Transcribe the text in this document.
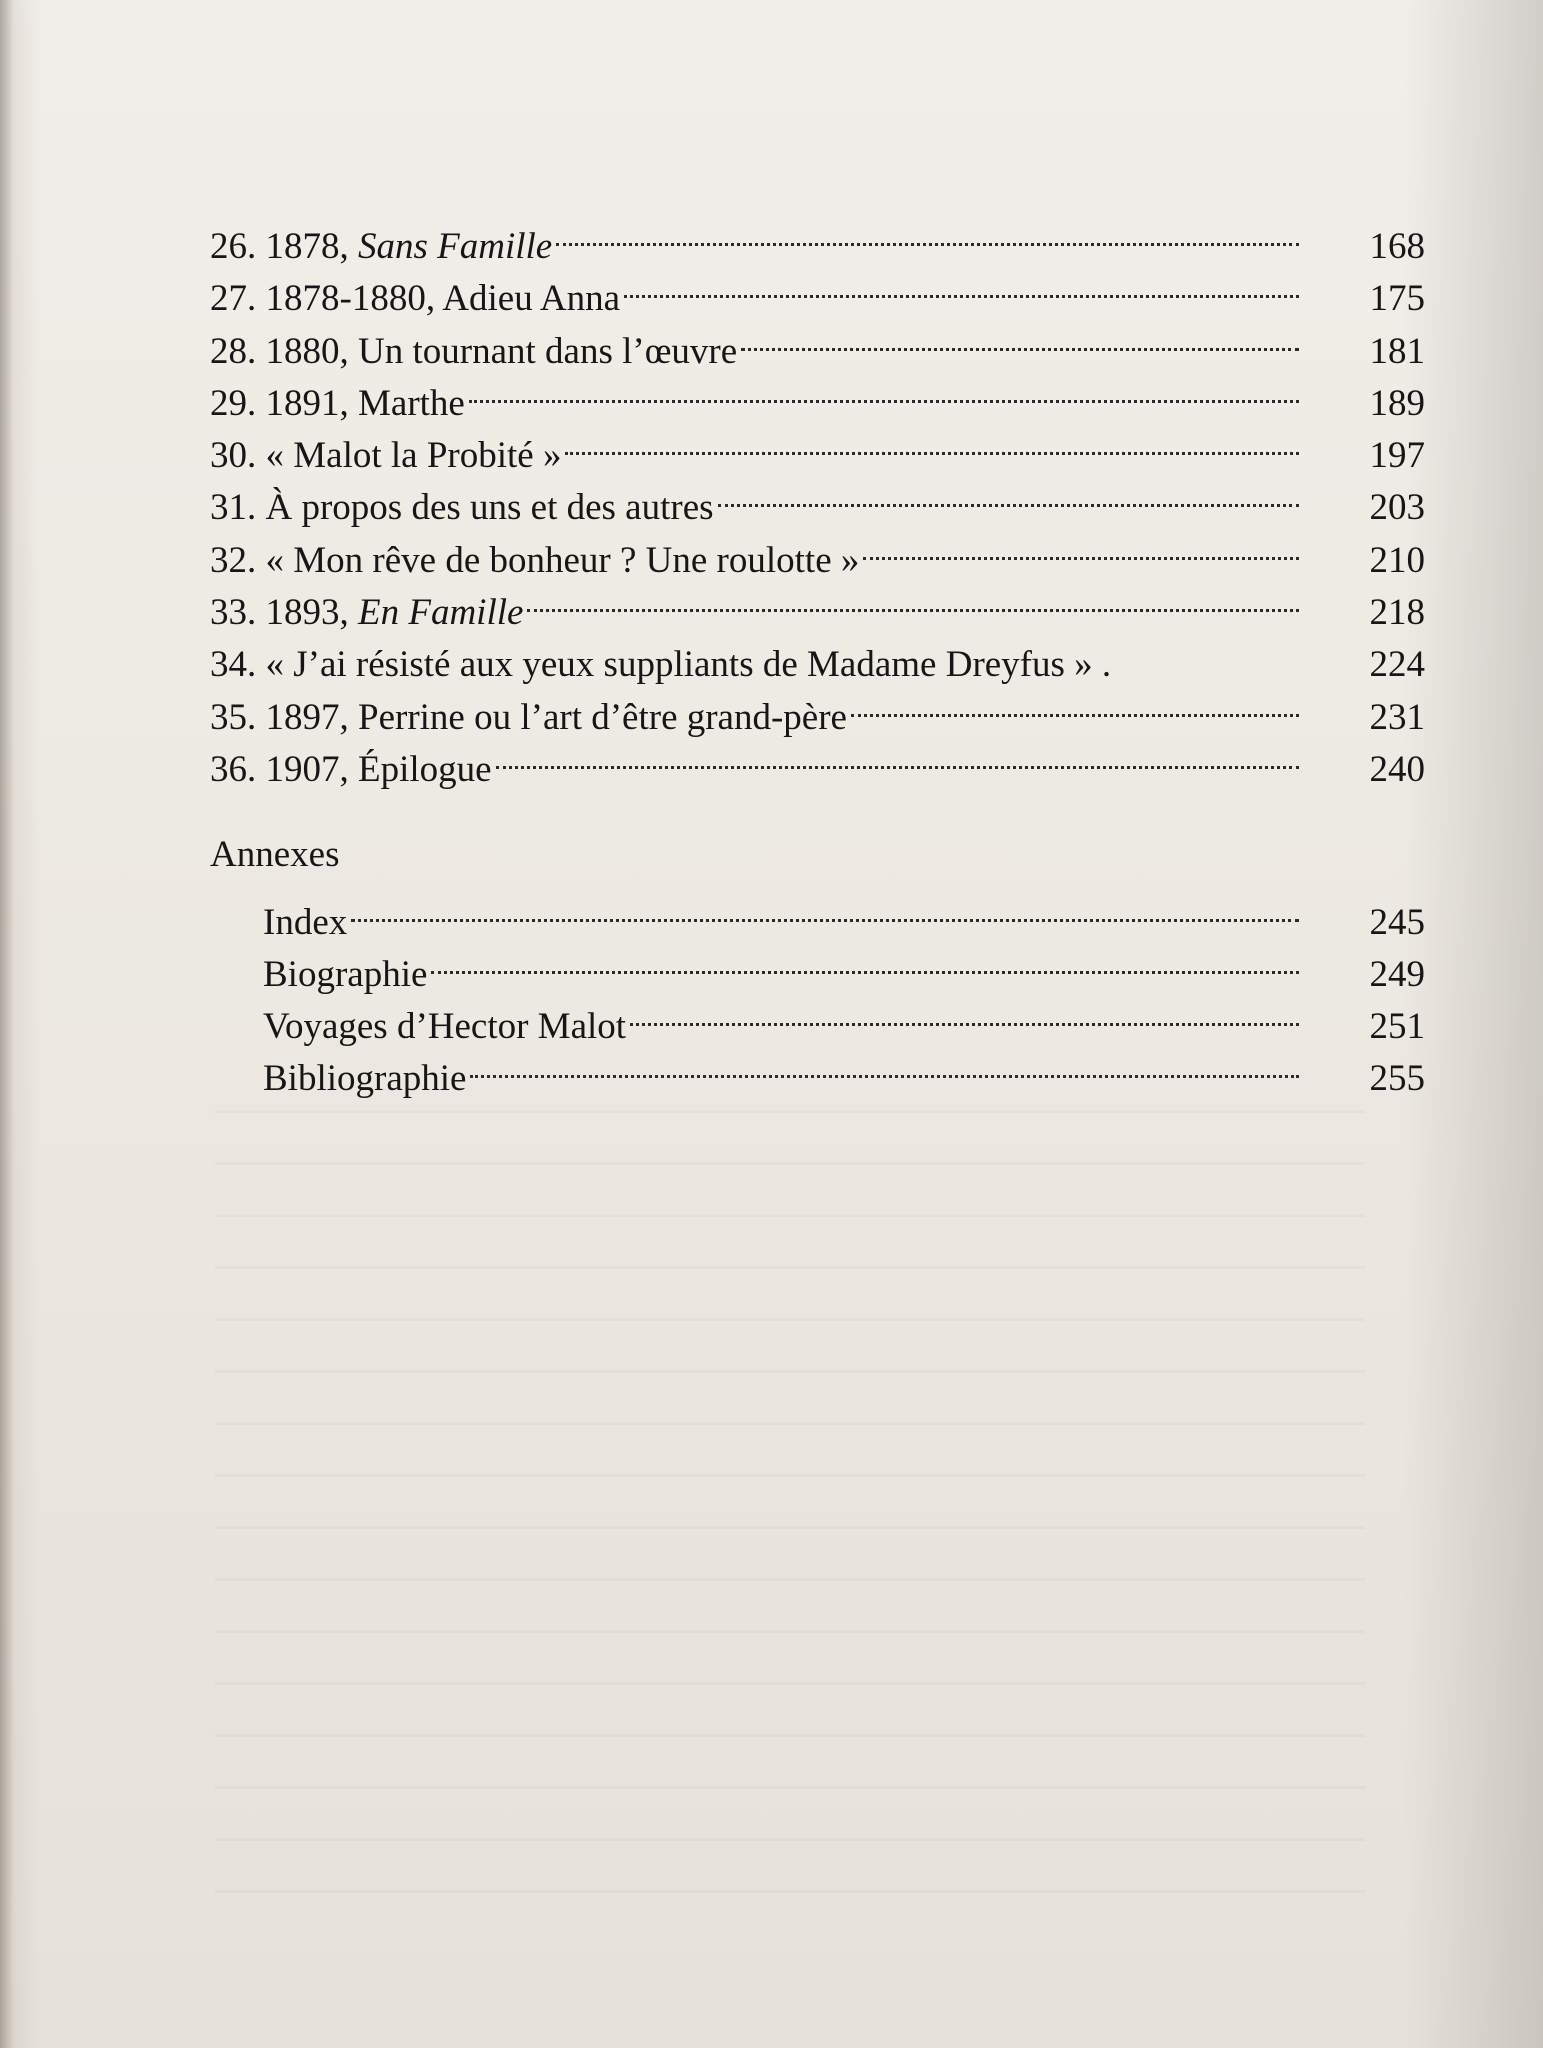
26. 1878, Sans Famille	168
27. 1878-1880, Adieu Anna	175
28. 1880, Un tournant dans l’œuvre	181
29. 1891, Marthe	189
30. « Malot la Probité »	197
31. À propos des uns et des autres	203
32. « Mon rêve de bonheur ? Une roulotte »	210
33. 1893, En Famille	218
34. « J’ai résisté aux yeux suppliants de Madame Dreyfus » .	224
35. 1897, Perrine ou l’art d’être grand-père	231
36. 1907, Épilogue	240
Annexes
Index	245
Biographie	249
Voyages d’Hector Malot	251
Bibliographie	255
